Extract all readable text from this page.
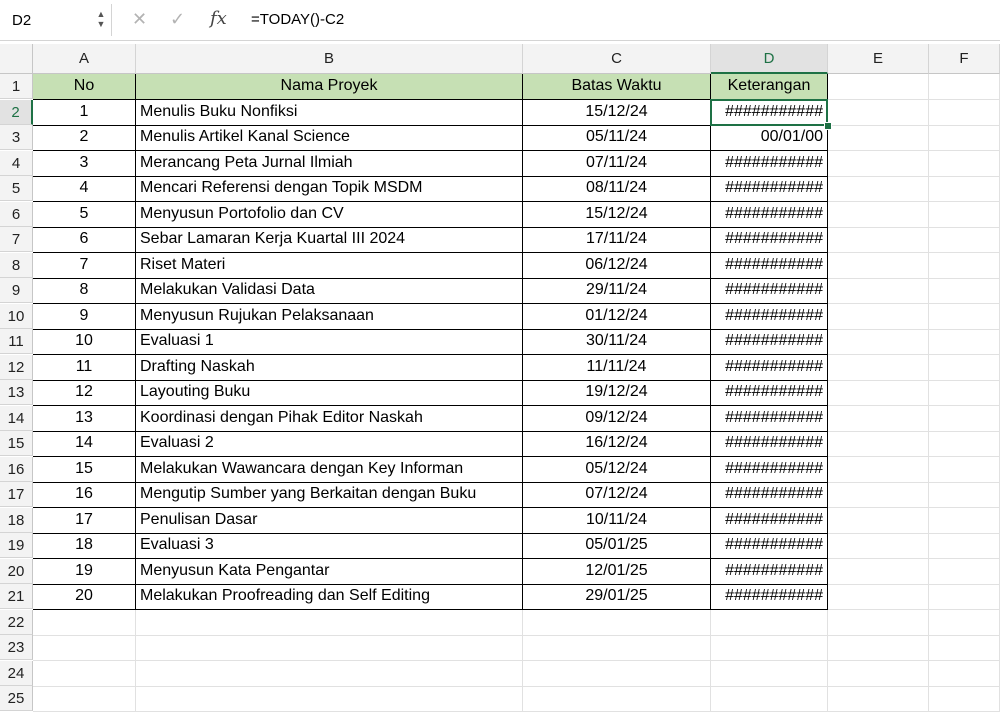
D2	▲
▼ ✕ ✓ fx =TODAY()-C2
A	B	C	D	E	F
1	No	Nama Proyek	Batas Waktu	Keterangan
2	1	Menulis Buku Nonfiksi	15/12/24	###########
3	2	Menulis Artikel Kanal Science	05/11/24	00/01/00
4	3	Merancang Peta Jurnal Ilmiah	07/11/24	###########
5	4	Mencari Referensi dengan Topik MSDM	08/11/24	###########
6	5	Menyusun Portofolio dan CV	15/12/24	###########
7	6	Sebar Lamaran Kerja Kuartal III 2024	17/11/24	###########
8	7	Riset Materi	06/12/24	###########
9	8	Melakukan Validasi Data	29/11/24	###########
10	9	Menyusun Rujukan Pelaksanaan	01/12/24	###########
11	10	Evaluasi 1	30/11/24	###########
12	11	Drafting Naskah	11/11/24	###########
13	12	Layouting Buku	19/12/24	###########
14	13	Koordinasi dengan Pihak Editor Naskah	09/12/24	###########
15	14	Evaluasi 2	16/12/24	###########
16	15	Melakukan Wawancara dengan Key Informan	05/12/24	###########
17	16	Mengutip Sumber yang Berkaitan dengan Buku	07/12/24	###########
18	17	Penulisan Dasar	10/11/24	###########
19	18	Evaluasi 3	05/01/25	###########
20	19	Menyusun Kata Pengantar	12/01/25	###########
21	20	Melakukan Proofreading dan Self Editing	29/01/25	###########
22
23
24
25
